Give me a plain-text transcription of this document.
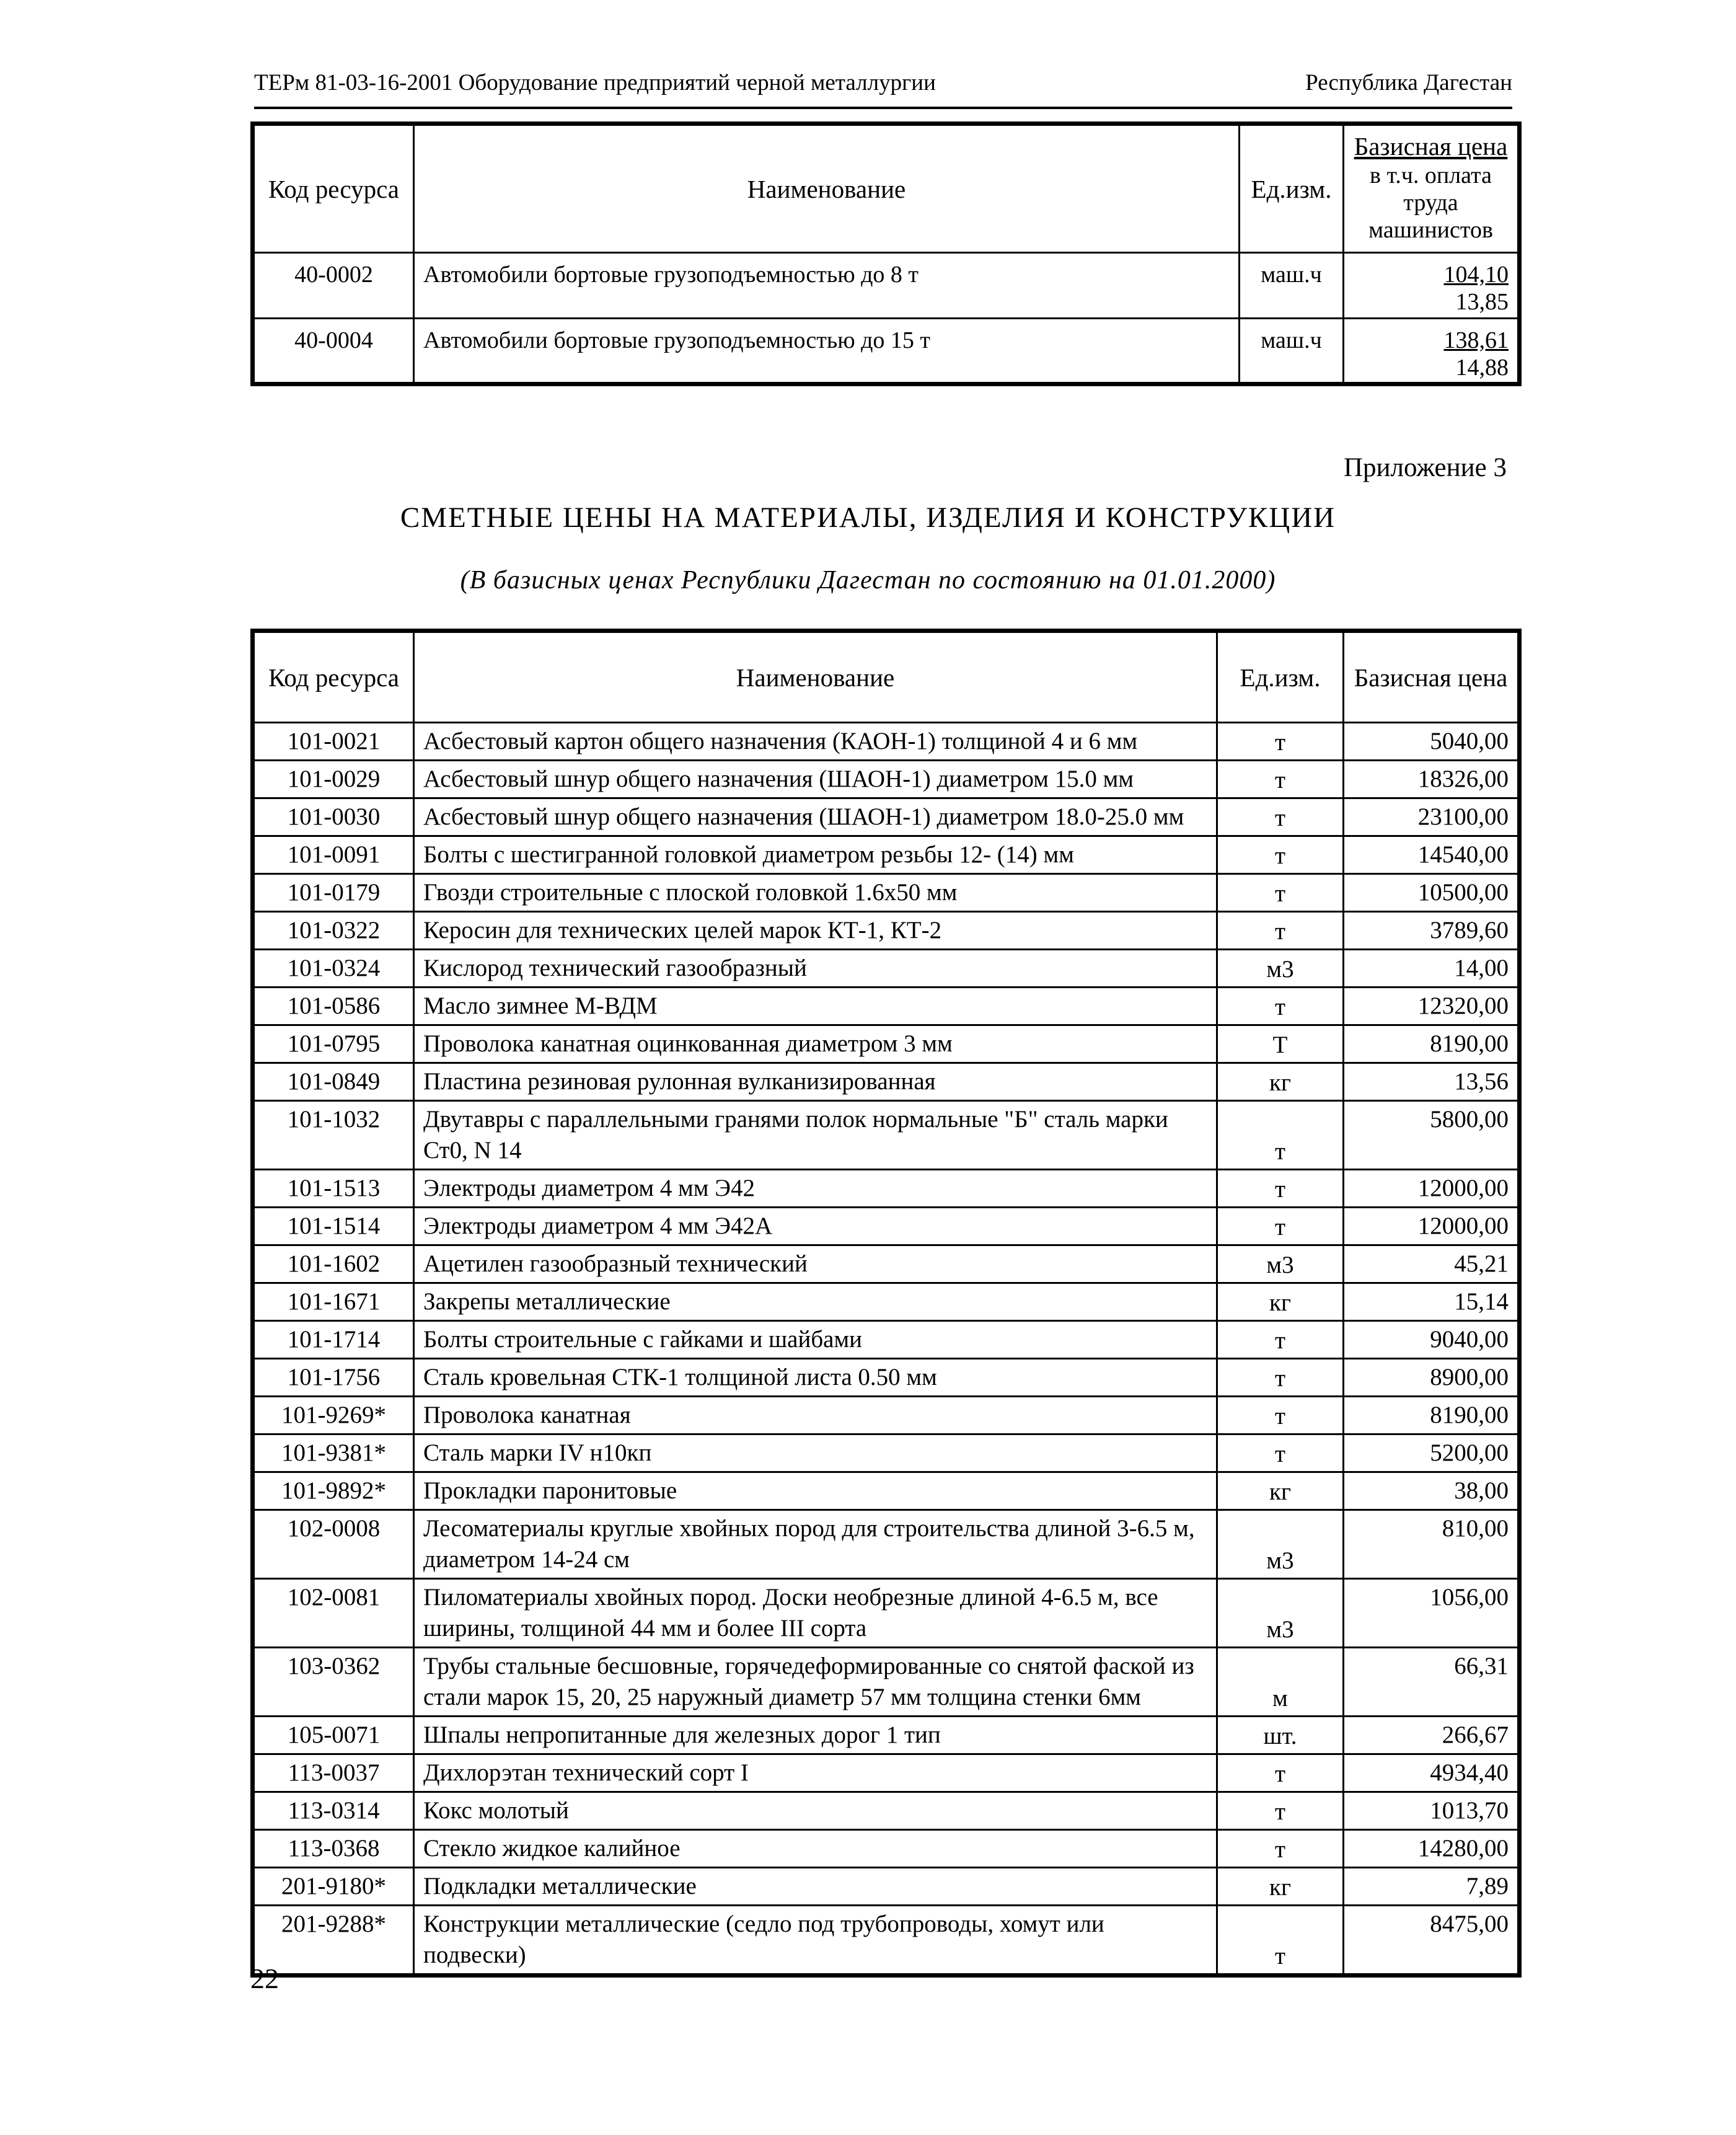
ТЕРм 81-03-16-2001 Оборудование предприятий черной металлургии	Республика Дагестан
Код ресурса	Наименование	Ед.изм.	Базисная цена
в т.ч. оплата труда машинистов

40-0002	Автомобили бортовые грузоподъемностью до 8 т	маш.ч	104,10
13,85

40-0004	Автомобили бортовые грузоподъемностью до 15 т	маш.ч	138,61
14,88
Приложение 3
СМЕТНЫЕ ЦЕНЫ НА МАТЕРИАЛЫ, ИЗДЕЛИЯ И КОНСТРУКЦИИ
(В базисных ценах Республики Дагестан по состоянию на 01.01.2000)
Код ресурса	Наименование	Ед.изм.	Базисная цена
101-0021	Асбестовый картон общего назначения (КАОН-1) толщиной 4 и 6 мм	т	5040,00
101-0029	Асбестовый шнур общего назначения (ШАОН-1) диаметром 15.0 мм	т	18326,00
101-0030	Асбестовый шнур общего назначения (ШАОН-1) диаметром 18.0-25.0 мм	т	23100,00
101-0091	Болты с шестигранной головкой диаметром резьбы 12- (14) мм	т	14540,00
101-0179	Гвозди строительные с плоской головкой 1.6x50 мм	т	10500,00
101-0322	Керосин для технических целей марок КТ-1, КТ-2	т	3789,60
101-0324	Кислород технический газообразный	м3	14,00
101-0586	Масло зимнее М-ВДМ	т	12320,00
101-0795	Проволока канатная оцинкованная диаметром 3 мм	Т	8190,00
101-0849	Пластина резиновая рулонная вулканизированная	кг	13,56
101-1032	Двутавры с параллельными гранями полок нормальные "Б" сталь марки Ст0, N 14	т	5800,00
101-1513	Электроды диаметром 4 мм Э42	т	12000,00
101-1514	Электроды диаметром 4 мм Э42А	т	12000,00
101-1602	Ацетилен газообразный технический	м3	45,21
101-1671	Закрепы металлические	кг	15,14
101-1714	Болты строительные с гайками и шайбами	т	9040,00
101-1756	Сталь кровельная СТК-1 толщиной листа 0.50 мм	т	8900,00
101-9269*	Проволока канатная	т	8190,00
101-9381*	Сталь марки IV н10кп	т	5200,00
101-9892*	Прокладки паронитовые	кг	38,00
102-0008	Лесоматериалы круглые хвойных пород для строительства длиной 3-6.5 м, диаметром 14-24 см	м3	810,00
102-0081	Пиломатериалы хвойных пород. Доски необрезные длиной 4-6.5 м, все ширины, толщиной 44 мм и более III сорта	м3	1056,00
103-0362	Трубы стальные бесшовные, горячедеформированные со снятой фаской из стали марок 15, 20, 25 наружный диаметр 57 мм толщина стенки 6мм	м	66,31
105-0071	Шпалы непропитанные для железных дорог 1 тип	шт.	266,67
113-0037	Дихлорэтан технический сорт I	т	4934,40
113-0314	Кокс молотый	т	1013,70
113-0368	Стекло жидкое калийное	т	14280,00
201-9180*	Подкладки металлические	кг	7,89
201-9288*	Конструкции металлические (седло под трубопроводы, хомут или подвески)	т	8475,00
22
